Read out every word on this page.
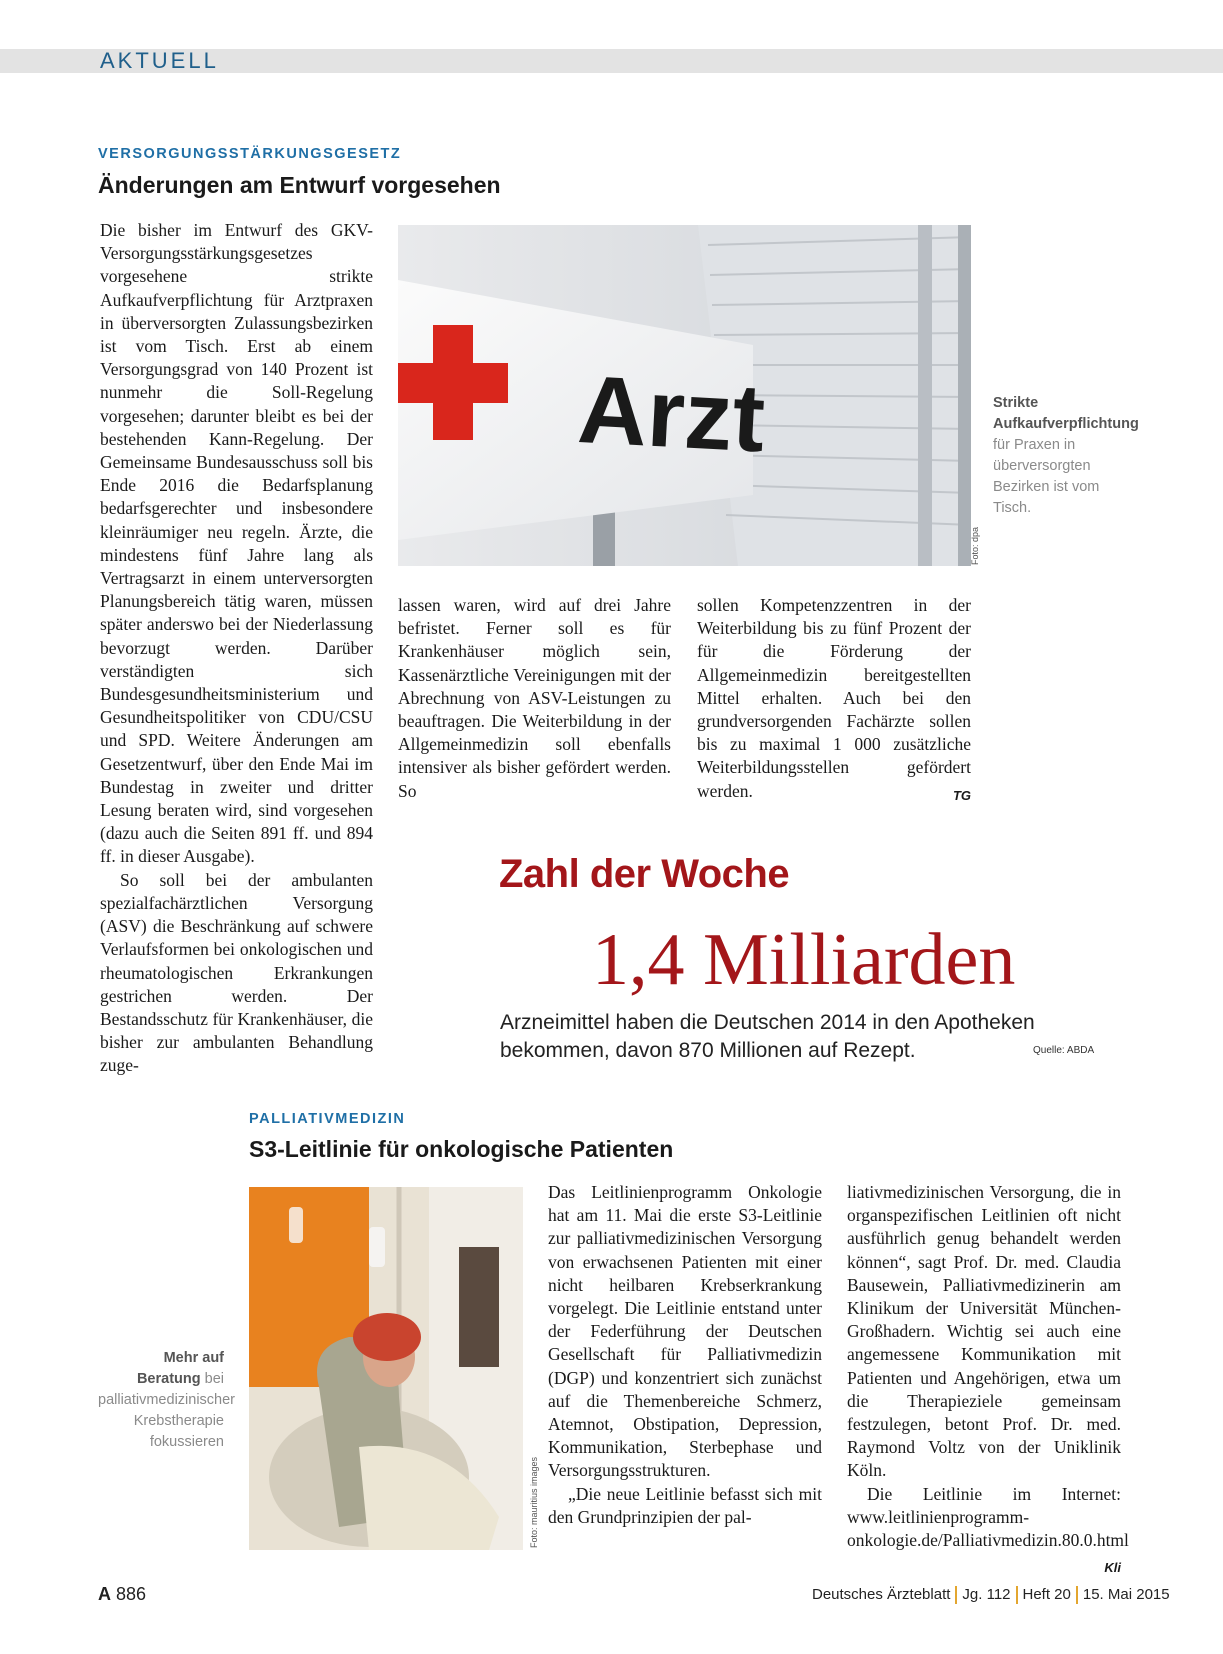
AKTUELL
VERSORGUNGSSTÄRKUNGSGESETZ
Änderungen am Entwurf vorgesehen

Die bisher im Entwurf des GKV-Versorgungsstärkungsgesetzes vorgesehene strikte Aufkaufverpflichtung für Arztpraxen in überversorgten Zulassungsbezirken ist vom Tisch. Erst ab einem Versorgungsgrad von 140 Prozent ist nunmehr die Soll-Regelung vorgesehen; darunter bleibt es bei der bestehenden Kann-Regelung. Der Gemeinsame Bundesausschuss soll bis Ende 2016 die Bedarfsplanung bedarfsgerechter und insbesondere kleinräumiger neu regeln. Ärzte, die mindestens fünf Jahre lang als Vertragsarzt in einem unterversorgten Planungsbereich tätig waren, müssen später anderswo bei der Niederlassung bevorzugt werden. Darüber verständigten sich Bundesgesundheitsministerium und Gesundheitspolitiker von CDU/CSU und SPD. Weitere Änderungen am Gesetzentwurf, über den Ende Mai im Bundestag in zweiter und dritter Lesung beraten wird, sind vorgesehen (dazu auch die Seiten 891 ff. und 894 ff. in dieser Ausgabe).

So soll bei der ambulanten spezialfachärztlichen Versorgung (ASV) die Beschränkung auf schwere Verlaufsformen bei onkologischen und rheumatologischen Erkrankungen gestrichen werden. Der Bestandsschutz für Krankenhäuser, die bisher zur ambulanten Behandlung zuge-

Arzt
Foto: dpa
Strikte Aufkaufverpflichtung für Praxen in überversorgten Bezirken ist vom Tisch.

lassen waren, wird auf drei Jahre befristet. Ferner soll es für Krankenhäuser möglich sein, Kassenärztliche Vereinigungen mit der Abrechnung von ASV-Leistungen zu beauftragen. Die Weiterbildung in der Allgemeinmedizin soll ebenfalls intensiver als bisher gefördert werden. So

sollen Kompetenzzentren in der Weiterbildung bis zu fünf Prozent der für die Förderung der Allgemeinmedizin bereitgestellten Mittel erhalten. Auch bei den grundversorgenden Fachärzte sollen bis zu maximal 1 000 zusätzliche Weiterbildungsstellen gefördert werden.	TG

Zahl der Woche
1,4 Milliarden
Arzneimittel haben die Deutschen 2014 in den Apotheken bekommen, davon 870 Millionen auf Rezept.	Quelle: ABDA
PALLIATIVMEDIZIN
S3-Leitlinie für onkologische Patienten
Foto: mauritius images
Mehr auf Beratung bei palliativmedizinischer Krebstherapie fokussieren

Das Leitlinienprogramm Onkologie hat am 11. Mai die erste S3-Leitlinie zur palliativmedizinischen Versorgung von erwachsenen Patienten mit einer nicht heilbaren Krebserkrankung vorgelegt. Die Leitlinie entstand unter der Federführung der Deutschen Gesellschaft für Palliativmedizin (DGP) und konzentriert sich zunächst auf die Themenbereiche Schmerz, Atemnot, Obstipation, Depression, Kommunikation, Sterbephase und Versorgungsstrukturen.

„Die neue Leitlinie befasst sich mit den Grundprinzipien der pal-

liativmedizinischen Versorgung, die in organspezifischen Leitlinien oft nicht ausführlich genug behandelt werden können“, sagt Prof. Dr. med. Claudia Bausewein, Palliativmedizinerin am Klinikum der Universität München-Großhadern. Wichtig sei auch eine angemessene Kommunikation mit Patienten und Angehörigen, etwa um die Therapieziele gemeinsam festzulegen, betont Prof. Dr. med. Raymond Voltz von der Uniklinik Köln.

Die Leitlinie im Internet: www.leitlinienprogramm-onkologie.de/Palliativmedizin.80.0.html
Kli

A 886	Deutsches Ärzteblatt Jg. 112 Heft 20 15. Mai 2015
